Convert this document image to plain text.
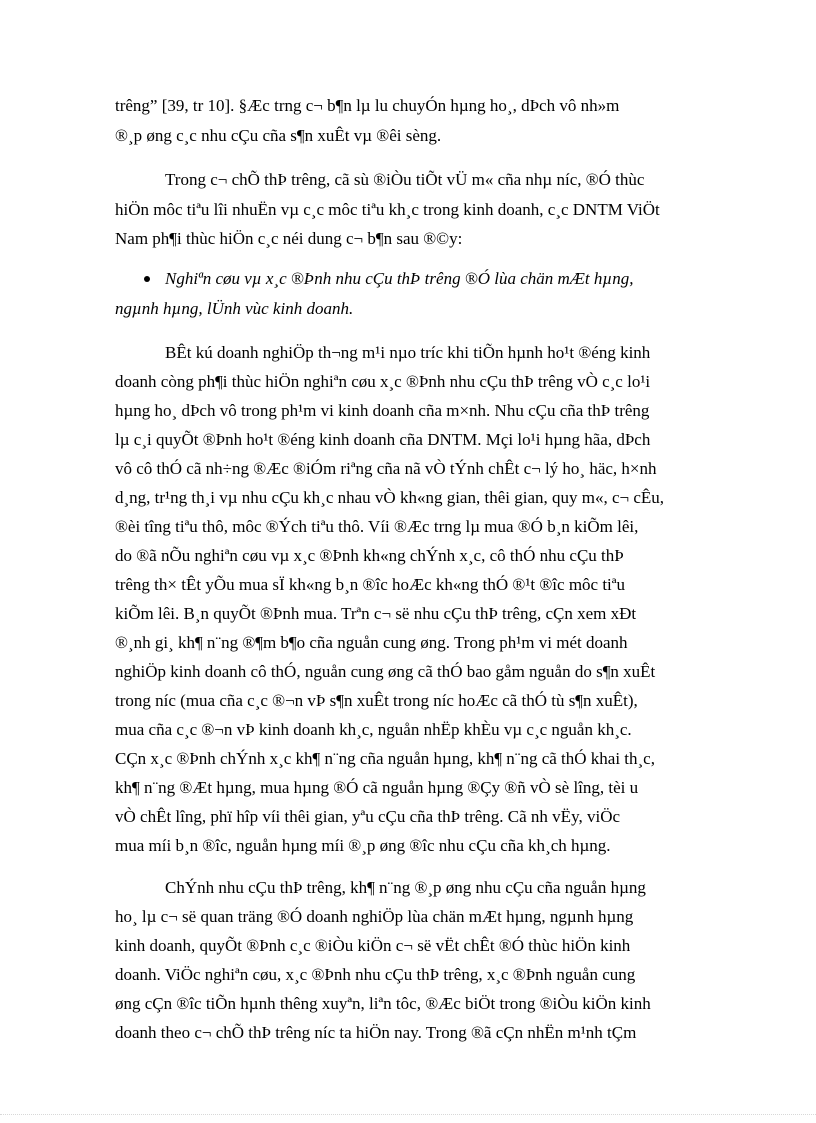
trêng” [39, tr 10]. §Æc trng c¬ b¶n lµ lu chuyÓn hµng ho¸, dÞch vô nh»m
®¸p øng c¸c nhu cÇu cña s¶n xuÊt vµ ®êi sèng.
Trong c¬ chÕ thÞ trêng, cã sù ®iÒu tiÕt vÜ m« cña nhµ níc, ®Ó thùc
hiÖn môc tiªu lîi nhuËn vµ c¸c môc tiªu kh¸c trong kinh doanh, c¸c DNTM ViÖt
Nam ph¶i thùc hiÖn c¸c néi dung c¬ b¶n sau ®©y:
Nghiªn cøu vµ x¸c ®Þnh nhu cÇu thÞ trêng ®Ó lùa chän mÆt hµng,
ngµnh hµng, lÜnh vùc kinh doanh.
BÊt kú doanh nghiÖp th¬ng m¹i nµo tríc khi tiÕn hµnh ho¹t ®éng kinh
doanh còng ph¶i thùc hiÖn nghiªn cøu x¸c ®Þnh nhu cÇu thÞ trêng vÒ c¸c lo¹i
hµng ho¸ dÞch vô trong ph¹m vi kinh doanh cña m×nh. Nhu cÇu cña thÞ trêng
lµ c¸i quyÕt ®Þnh ho¹t ®éng kinh doanh cña DNTM. Mçi lo¹i hµng hãa, dÞch
vô cô thÓ cã nh÷ng ®Æc ®iÓm riªng cña nã vÒ tÝnh chÊt c¬ lý ho¸ häc, h×nh
d¸ng, tr¹ng th¸i vµ nhu cÇu kh¸c nhau vÒ kh«ng gian, thêi gian, quy m«, c¬ cÊu,
®èi tîng tiªu thô, môc ®Ých tiªu thô. Víi ®Æc trng lµ mua ®Ó b¸n kiÕm lêi,
do ®ã nÕu nghiªn cøu vµ x¸c ®Þnh kh«ng chÝnh x¸c, cô thÓ nhu cÇu thÞ
trêng th× tÊt yÕu mua sÏ kh«ng b¸n ®îc hoÆc kh«ng thÓ ®¹t ®îc môc tiªu
kiÕm lêi. B¸n quyÕt ®Þnh mua. Trªn c¬ së nhu cÇu thÞ trêng, cÇn xem xÐt
®¸nh gi¸ kh¶ n¨ng ®¶m b¶o cña nguån cung øng. Trong ph¹m vi mét doanh
nghiÖp kinh doanh cô thÓ, nguån cung øng cã thÓ bao gåm nguån do s¶n xuÊt
trong níc (mua cña c¸c ®¬n vÞ s¶n xuÊt trong níc hoÆc cã thÓ tù s¶n xuÊt),
mua cña c¸c ®¬n vÞ kinh doanh kh¸c, nguån nhËp khÈu vµ c¸c nguån kh¸c.
CÇn x¸c ®Þnh chÝnh x¸c kh¶ n¨ng cña nguån hµng, kh¶ n¨ng cã thÓ khai th¸c,
kh¶ n¨ng ®Æt hµng, mua hµng ®Ó cã nguån hµng ®Çy ®ñ vÒ sè lîng, tèi u
vÒ chÊt lîng, phï hîp víi thêi gian, yªu cÇu cña thÞ trêng. Cã nh vËy, viÖc
mua míi b¸n ®îc, nguån hµng míi ®¸p øng ®îc nhu cÇu cña kh¸ch hµng.
ChÝnh nhu cÇu thÞ trêng, kh¶ n¨ng ®¸p øng nhu cÇu cña nguån hµng
ho¸ lµ c¬ së quan träng ®Ó doanh nghiÖp lùa chän mÆt hµng, ngµnh hµng
kinh doanh, quyÕt ®Þnh c¸c ®iÒu kiÖn c¬ së vËt chÊt ®Ó thùc hiÖn kinh
doanh. ViÖc nghiªn cøu, x¸c ®Þnh nhu cÇu thÞ trêng, x¸c ®Þnh nguån cung
øng cÇn ®îc tiÕn hµnh thêng xuyªn, liªn tôc, ®Æc biÖt trong ®iÒu kiÖn kinh
doanh theo c¬ chÕ thÞ trêng níc ta hiÖn nay. Trong ®ã cÇn nhËn m¹nh tÇm
